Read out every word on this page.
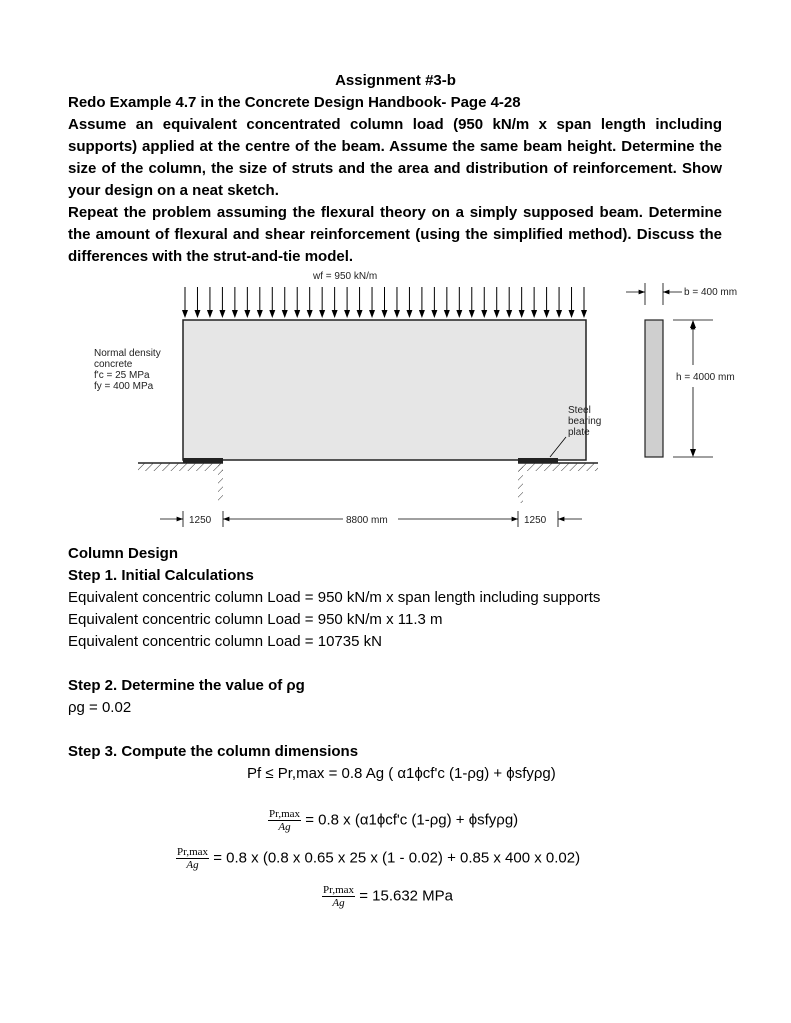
Assignment #3-b

Redo Example 4.7 in the Concrete Design Handbook- Page 4-28

Assume an equivalent concentrated column load (950 kN/m x span length including supports) applied at the centre of the beam. Assume the same beam height. Determine the size of the column, the size of struts and the area and distribution of reinforcement. Show your design on a neat sketch.

Repeat the problem assuming the flexural theory on a simply supposed beam. Determine the amount of flexural and shear reinforcement (using the simplified method). Discuss the differences with the strut-and-tie model.

wf = 950 kN/m
Normal density
concrete
f'c = 25 MPa
fy = 400 MPa
Steel
bearing
plate
1250	8800 mm	1250
b = 400 mm
h = 4000 mm
Column Design
Step 1. Initial Calculations
Equivalent concentric column Load = 950 kN/m x span length including supports
Equivalent concentric column Load = 950 kN/m x 11.3 m
Equivalent concentric column Load = 10735 kN
Step 2. Determine the value of ρg
ρg = 0.02
Step 3. Compute the column dimensions
Pf ≤ Pr,max = 0.8 Ag ( α1ϕcf'c (1-ρg) + ϕsfyρg)
$\frac{Pr,\max}{Ag} = 0.8$ x (α1ϕcf'c (1-ρg) + ϕsfyρg)
$\frac{Pr,\max}{Ag} = 0.8$ x (0.8 x 0.65 x 25 x (1 - 0.02) + 0.85 x 400 x 0.02)
$\frac{Pr,\max}{Ag} = 15.632$ MPa
